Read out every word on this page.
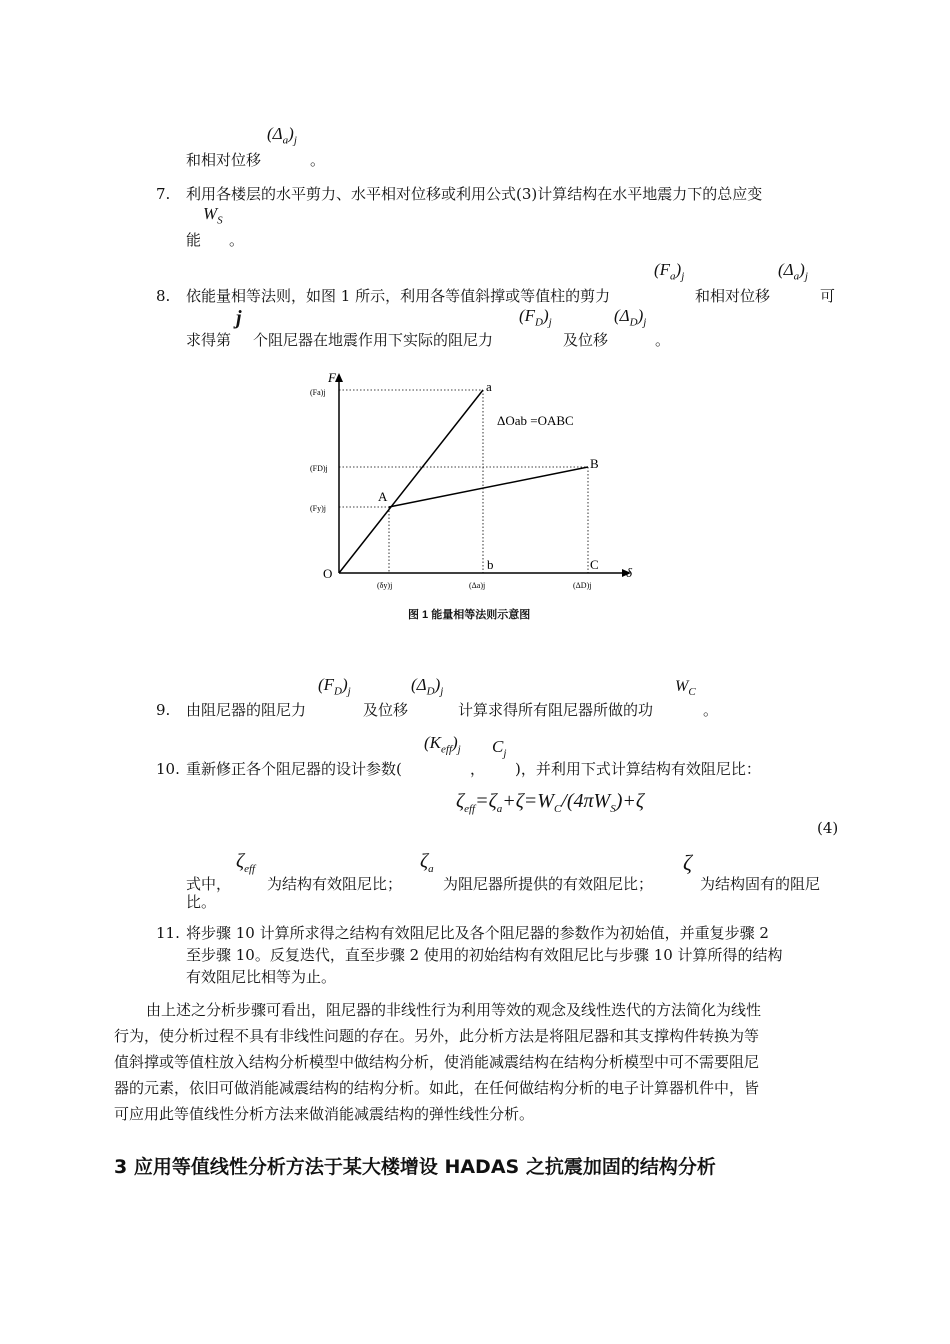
$(\Delta_a)_j$
和相对位移	。
7. 利用各楼层的水平剪力、水平相对位移或利用公式(3)计算结构在水平地震力下的总应变
$W_S$
能 。
$(F_a)_j$	$(\Delta_a)_j$
8. 依能量相等法则，如图 1 所示，利用各等值斜撑或等值柱的剪力	和相对位移	可
j	$(F_D)_j$	$(\Delta_D)_j$
求得第 个阻尼器在地震作用下实际的阻尼力	及位移	。
F
δ
O
a
b
A
B
C
ΔOab =OABC
(Fa)j
(FD)j
(Fy)j
(δy)j	(Δa)j	(ΔD)j
图 1 能量相等法则示意图
$(F_D)_j$	$(\Delta_D)_j$	$W_C$
9. 由阻尼器的阻尼力	及位移	计算求得所有阻尼器所做的功	。
$(K_{eff})_j$ $C_j$
10. 重新修正各个阻尼器的设计参数(	， )，并利用下式计算结构有效阻尼比：
$\zeta_{eff}=\zeta_a+\zeta=W_C/(4\pi W_S)+\zeta$
(4)
$\zeta_{eff}$	$\zeta_a$	ζ
式中， 为结构有效阻尼比；	为阻尼器所提供的有效阻尼比；	为结构固有的阻尼
比。
11. 将步骤 10 计算所求得之结构有效阻尼比及各个阻尼器的参数作为初始值，并重复步骤 2
至步骤 10。反复迭代，直至步骤 2 使用的初始结构有效阻尼比与步骤 10 计算所得的结构
有效阻尼比相等为止。
由上述之分析步骤可看出，阻尼器的非线性行为利用等效的观念及线性迭代的方法简化为线性
行为，使分析过程不具有非线性问题的存在。另外，此分析方法是将阻尼器和其支撑构件转换为等
值斜撑或等值柱放入结构分析模型中做结构分析，使消能减震结构在结构分析模型中可不需要阻尼
器的元素，依旧可做消能减震结构的结构分析。如此，在任何做结构分析的电子计算器机件中，皆
可应用此等值线性分析方法来做消能减震结构的弹性线性分析。
3 应用等值线性分析方法于某大楼增设 HADAS 之抗震加固的结构分析
